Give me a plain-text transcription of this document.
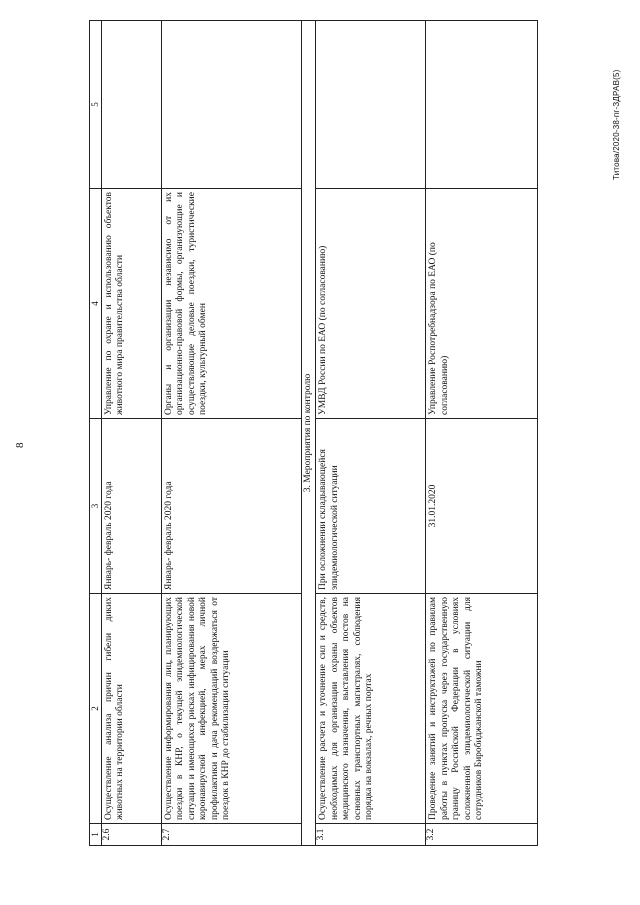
8
Титова/2020-38-пг-ЗДРАВ(5)
1	2	3	4	5
2.6	Осуществление анализа причин гибели диких животных на территории области	Январь- февраль 2020 года	Управление по охране и использованию объектов животного мира правительства области	
2.7	Осуществление информирования лиц, планирующих поездки в КНР, о текущей эпидемиологической ситуации и имеющихся рисках инфицирования новой коронавирусной инфекцией, мерах личной профилактики и дача рекомендаций воздержаться от поездок в КНР до стабилизации ситуации	Январь- февраль 2020 года	Органы и организации независимо от их организационно-правовой формы, организующие и осуществляющие деловые поездки, туристические поездки, культурный обмен	
3. Мероприятия по контролю				
3.1	Осуществление расчета и уточнение сил и средств, необходимых для организации охраны объектов медицинского назначения, выставления постов на основных транспортных магистралях, соблюдения порядка на вокзалах, речных портах	При осложнении складывающейся эпидемиологической ситуации	УМВД России по ЕАО (по согласованию)	
3.2	Проведение занятий и инструктажей по правилам работы в пунктах пропуска через государственную границу Российской Федерации в условиях осложненной эпидемиологической ситуации для сотрудников Биробиджанской таможни	31.01.2020	Управление Роспотребнадзора по ЕАО (по согласованию)	
